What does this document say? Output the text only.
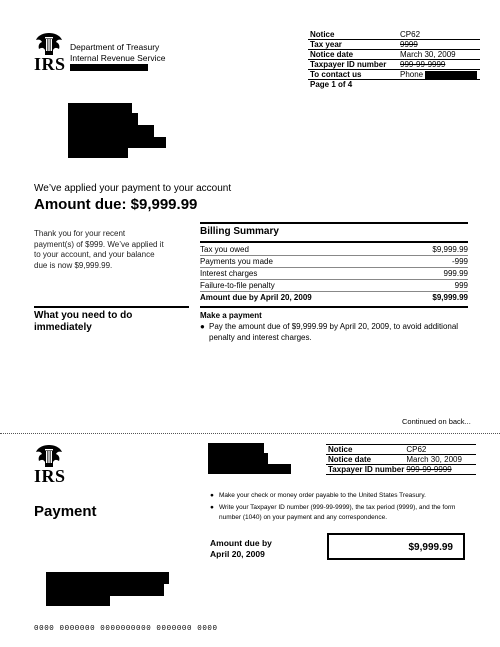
IRS
Department of Treasury
Internal Revenue Service
Notice	CP62
Tax year	9999
Notice date	March 30, 2009
Taxpayer ID number	999-99-9999
To contact us	Phone
Page 1 of 4	
We’ve applied your payment to your account
Amount due: $9,999.99
Thank you for your recent payment(s) of $999. We’ve applied it to your account, and your balance due is now $9,999.99.
Billing Summary
Tax you owed	$9,999.99
Payments you made	-999
Interest charges	999.99
Failure-to-file penalty	999
Amount due by April 20, 2009	$9,999.99
What you need to do immediately
Make a payment
● Pay the amount due of $9,999.99 by April 20, 2009, to avoid additional penalty and interest charges.
Continued on back...
IRS
Payment
Notice	CP62
Notice date	March 30, 2009
Taxpayer ID number	999-99-9999
● Make your check or money order payable to the United States Treasury.
● Write your Taxpayer ID number (999-99-9999), the tax period (9999), and the form number (1040) on your payment and any correspondence.
Amount due by April 20, 2009
$9,999.99
0000 0000000 0000000000 0000000 0000
